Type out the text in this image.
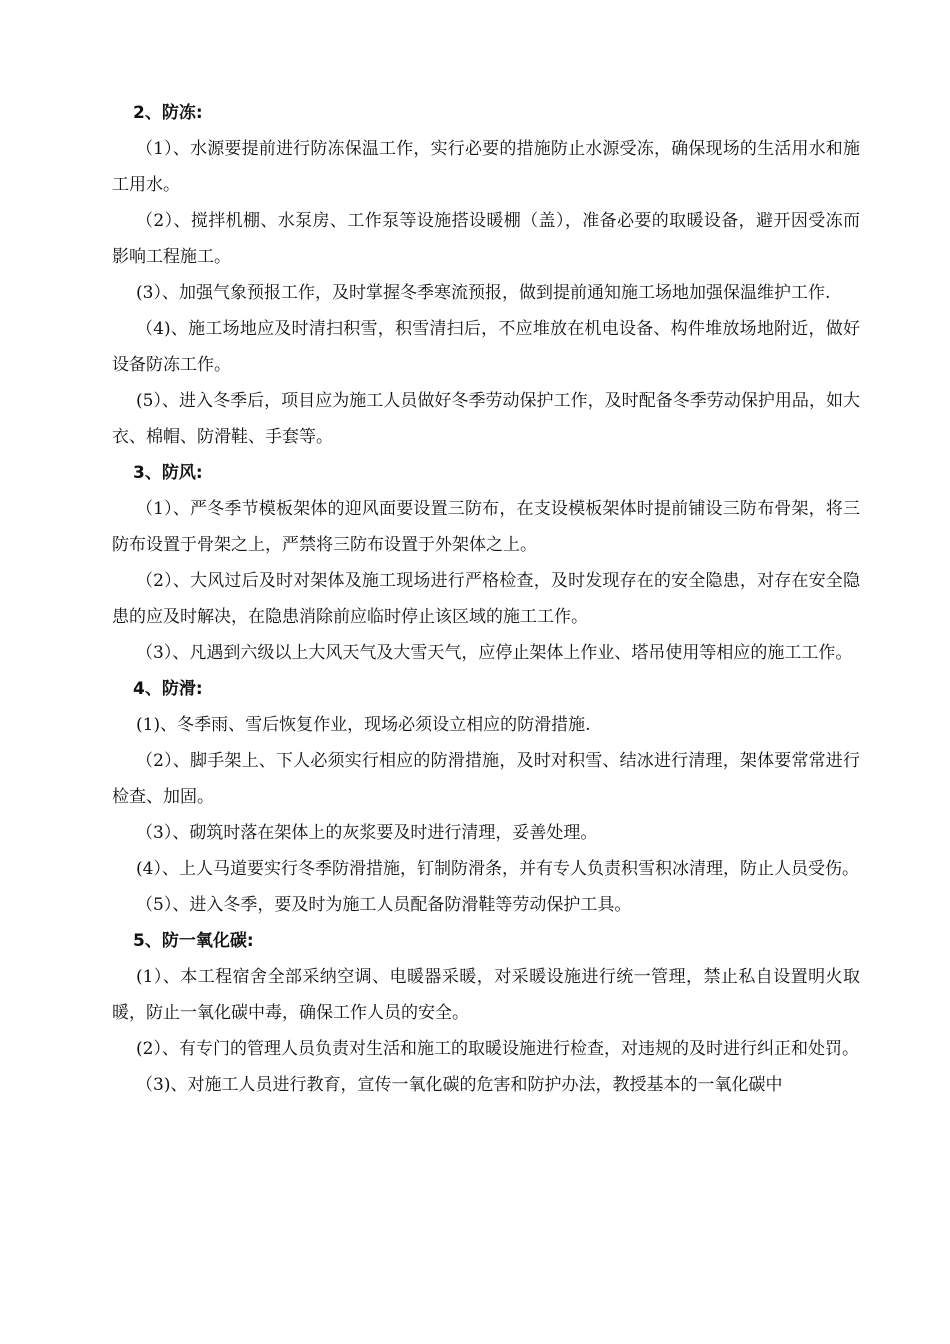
2、防冻:

（1）、水源要提前进行防冻保温工作，实行必要的措施防止水源受冻，确保现场的生活用水和施工用水。

（2）、搅拌机棚、水泵房、工作泵等设施搭设暖棚（盖），准备必要的取暖设备，避开因受冻而影响工程施工。

(3）、加强气象预报工作，及时掌握冬季寒流预报，做到提前通知施工场地加强保温维护工作.

（4)、施工场地应及时清扫积雪，积雪清扫后，不应堆放在机电设备、构件堆放场地附近，做好设备防冻工作。

(5）、进入冬季后，项目应为施工人员做好冬季劳动保护工作，及时配备冬季劳动保护用品，如大衣、棉帽、防滑鞋、手套等。

3、防风:

（1）、严冬季节模板架体的迎风面要设置三防布，在支设模板架体时提前铺设三防布骨架，将三防布设置于骨架之上，严禁将三防布设置于外架体之上。

（2）、大风过后及时对架体及施工现场进行严格检查，及时发现存在的安全隐患，对存在安全隐患的应及时解决，在隐患消除前应临时停止该区域的施工工作。

（3）、凡遇到六级以上大风天气及大雪天气，应停止架体上作业、塔吊使用等相应的施工工作。

4、防滑:

(1)、冬季雨、雪后恢复作业，现场必须设立相应的防滑措施.

（2）、脚手架上、下人必须实行相应的防滑措施，及时对积雪、结冰进行清理，架体要常常进行检查、加固。

（3）、砌筑时落在架体上的灰浆要及时进行清理，妥善处理。

(4）、上人马道要实行冬季防滑措施，钉制防滑条，并有专人负责积雪积冰清理，防止人员受伤。

（5）、进入冬季，要及时为施工人员配备防滑鞋等劳动保护工具。

5、防一氧化碳:

(1）、本工程宿舍全部采纳空调、电暖器采暖，对采暖设施进行统一管理，禁止私自设置明火取暖，防止一氧化碳中毒，确保工作人员的安全。

(2）、有专门的管理人员负责对生活和施工的取暖设施进行检查，对违规的及时进行纠正和处罚。

（3)、对施工人员进行教育，宣传一氧化碳的危害和防护办法，教授基本的一氧化碳中
